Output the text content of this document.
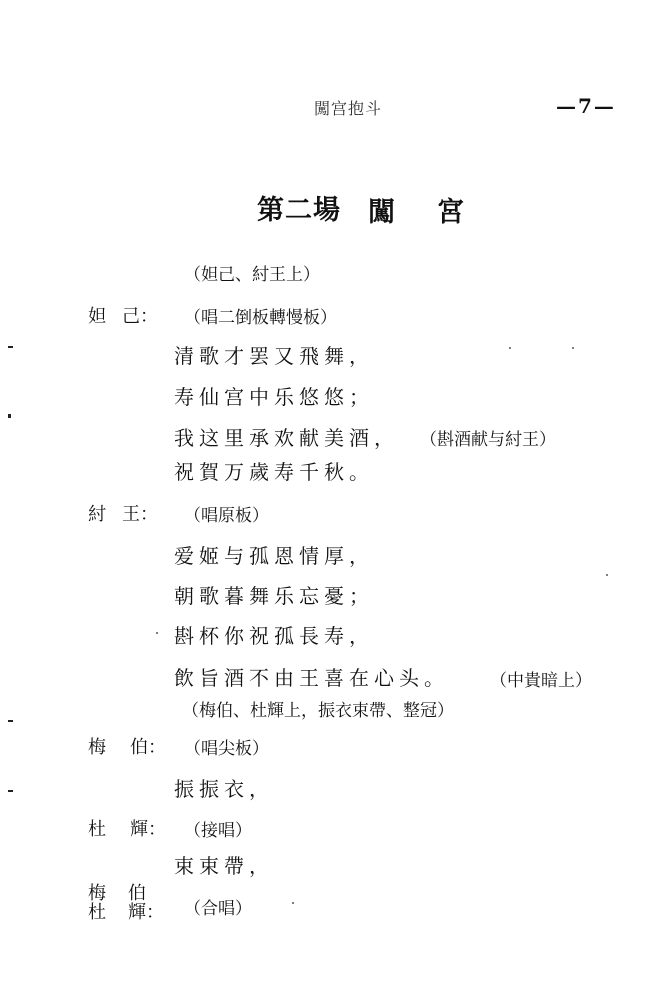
闖宫抱斗	—7—
第二場 闖 宮
（妲己、紂王上）
妲 己： （唱二倒板轉慢板）
清歌才罢又飛舞，
寿仙宫中乐悠悠；
我这里承欢献美酒， （斟酒献与紂王）
祝賀万歲寿千秋。
紂 王： （唱原板）
爱姬与孤恩情厚，
朝歌暮舞乐忘憂；
斟杯你祝孤長寿，
飲旨酒不由王喜在心头。 （中貴暗上）
（梅伯、杜輝上，振衣束帶、整冠）
梅 伯： （唱尖板）
振振衣，
杜 輝： （接唱）
束束帶，
梅 伯
杜 輝： （合唱）
